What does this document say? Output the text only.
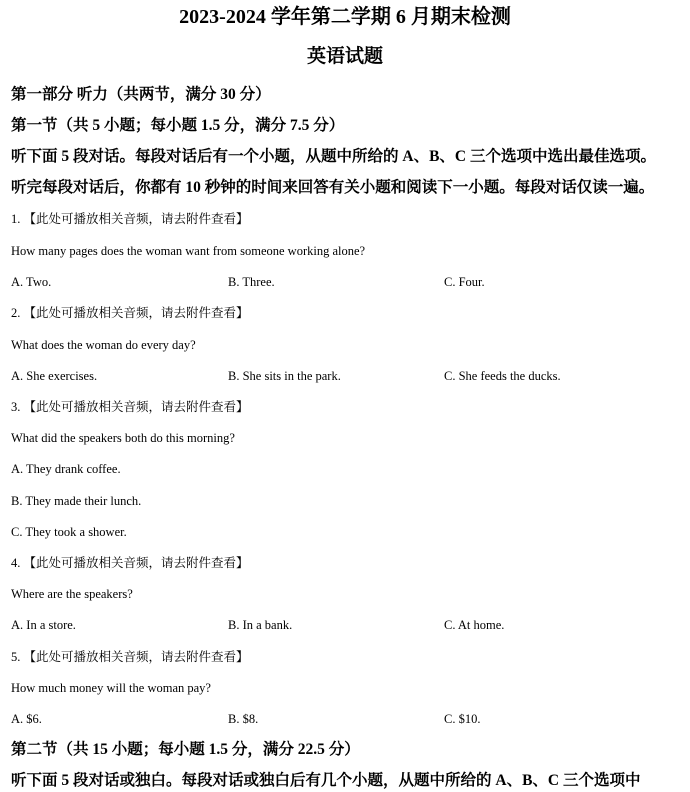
2023-2024 学年第二学期 6 月期末检测
英语试题
第一部分 听力（共两节，满分 30 分）
第一节（共 5 小题；每小题 1.5 分，满分 7.5 分）
听下面 5 段对话。每段对话后有一个小题，从题中所给的 A、B、C 三个选项中选出最佳选项。
听完每段对话后，你都有 10 秒钟的时间来回答有关小题和阅读下一小题。每段对话仅读一遍。
1. 【此处可播放相关音频，请去附件查看】
How many pages does the woman want from someone working alone?
A. Two.	B. Three.	C. Four.
2. 【此处可播放相关音频，请去附件查看】
What does the woman do every day?
A. She exercises.	B. She sits in the park.	C. She feeds the ducks.
3. 【此处可播放相关音频，请去附件查看】
What did the speakers both do this morning?
A. They drank coffee.
B. They made their lunch.
C. They took a shower.
4. 【此处可播放相关音频，请去附件查看】
Where are the speakers?
A. In a store.	B. In a bank.	C. At home.
5. 【此处可播放相关音频，请去附件查看】
How much money will the woman pay?
A. $6.	B. $8.	C. $10.
第二节（共 15 小题；每小题 1.5 分，满分 22.5 分）
听下面 5 段对话或独白。每段对话或独白后有几个小题，从题中所给的 A、B、C 三个选项中
